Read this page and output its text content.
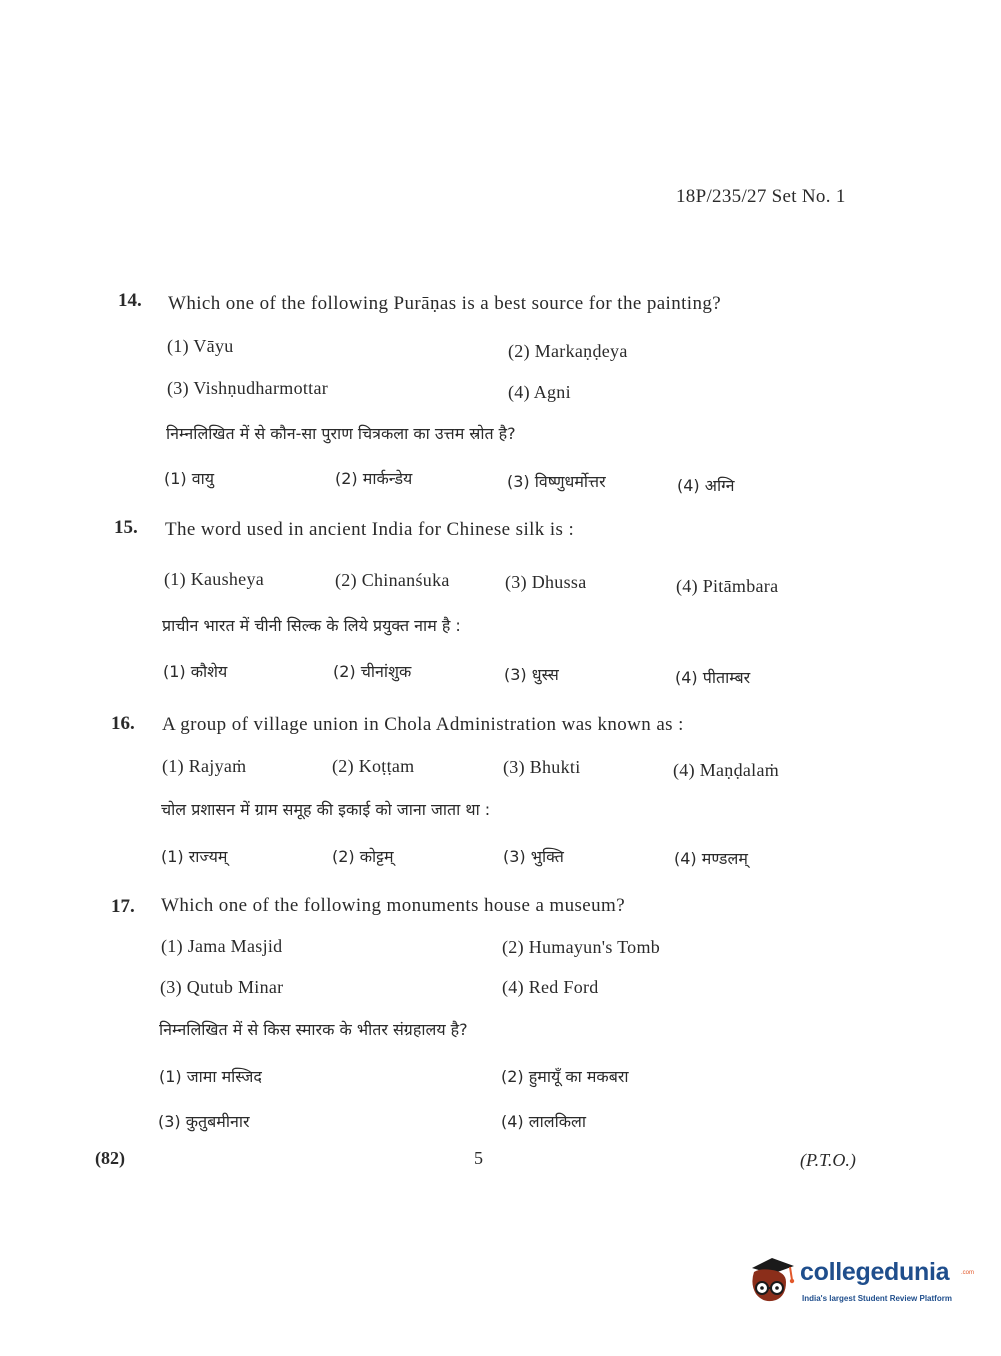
18P/235/27 Set No. 1
14. Which one of the following Purāṇas is a best source for the painting?
(1) Vāyu	(2) Markaṇḍeya
(3) Vishṇudharmottar	(4) Agni
निम्नलिखित में से कौन-सा पुराण चित्रकला का उत्तम स्रोत है?
(1) वायु	(2) मार्कन्डेय	(3) विष्णुधर्मोत्तर	(4) अग्नि
15. The word used in ancient India for Chinese silk is :
(1) Kausheya	(2) Chinanśuka	(3) Dhussa	(4) Pitāmbara
प्राचीन भारत में चीनी सिल्क के लिये प्रयुक्त नाम है :
(1) कौशेय	(2) चीनांशुक	(3) धुस्स	(4) पीताम्बर
16. A group of village union in Chola Administration was known as :
(1) Rajyaṁ	(2) Koṭṭam	(3) Bhukti	(4) Maṇḍalaṁ
चोल प्रशासन में ग्राम समूह की इकाई को जाना जाता था :
(1) राज्यम्	(2) कोट्टम्	(3) भुक्ति	(4) मण्डलम्
17. Which one of the following monuments house a museum?
(1) Jama Masjid	(2) Humayun's Tomb
(3) Qutub Minar	(4) Red Ford
निम्नलिखित में से किस स्मारक के भीतर संग्रहालय है?
(1) जामा मस्जिद	(2) हुमायूँ का मकबरा
(3) कुतुबमीनार	(4) लालकिला
(82)	5	(P.T.O.)
collegedunia .com
India's largest Student Review Platform
